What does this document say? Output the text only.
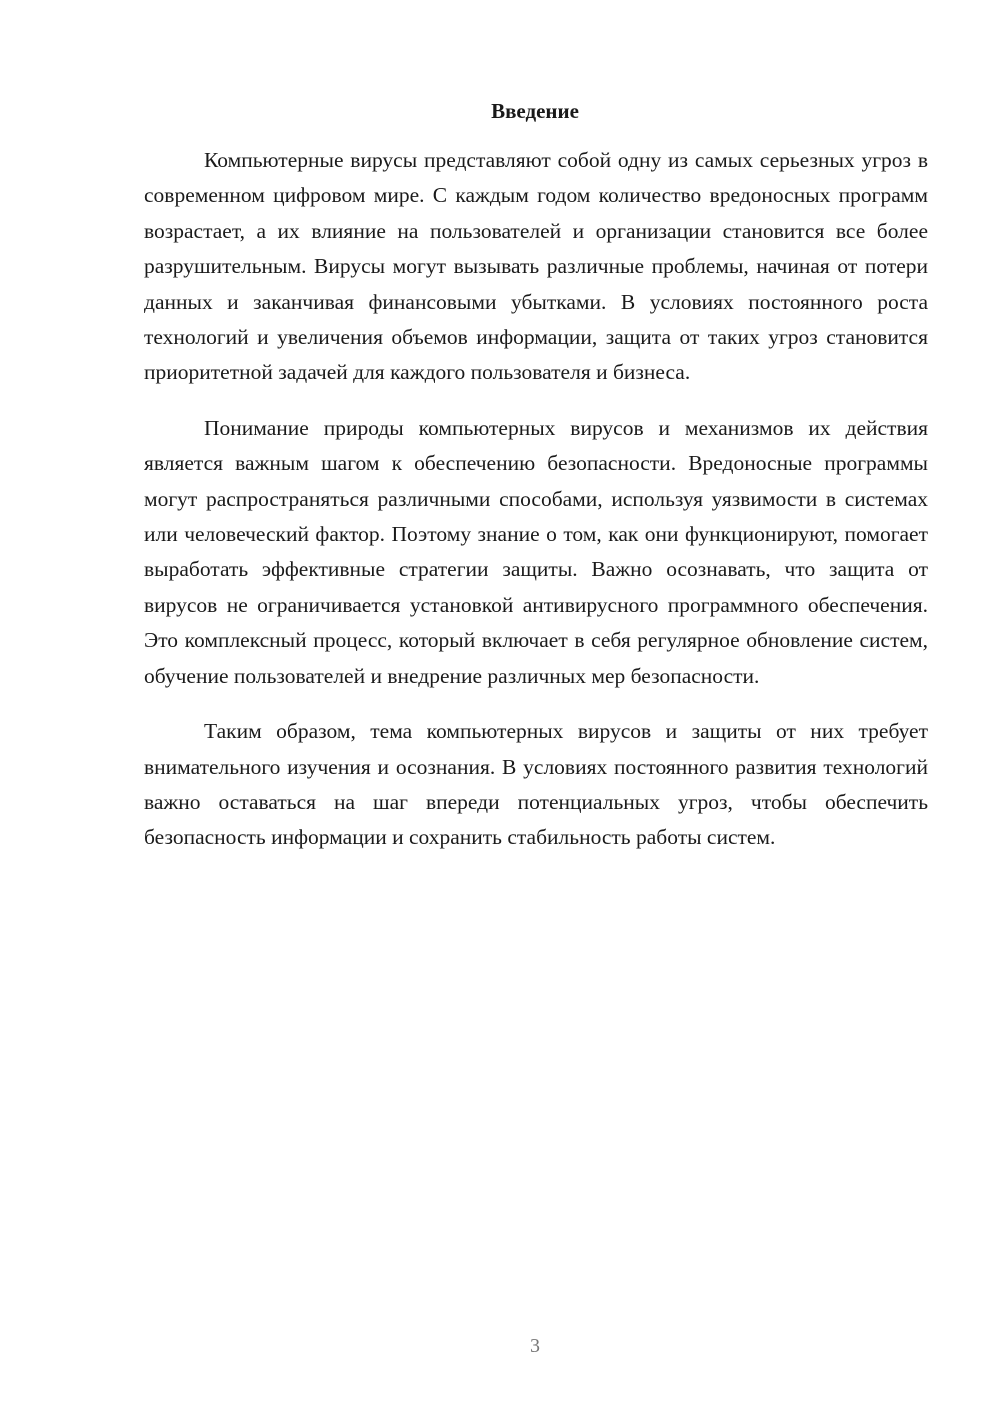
Введение

Компьютерные вирусы представляют собой одну из самых серьезных угроз в современном цифровом мире. С каждым годом количество вредоносных программ возрастает, а их влияние на пользователей и организации становится все более разрушительным. Вирусы могут вызывать различные проблемы, начиная от потери данных и заканчивая финансовыми убытками. В условиях постоянного роста технологий и увеличения объемов информации, защита от таких угроз становится приоритетной задачей для каждого пользователя и бизнеса.

Понимание природы компьютерных вирусов и механизмов их действия является важным шагом к обеспечению безопасности. Вредоносные программы могут распространяться различными способами, используя уязвимости в системах или человеческий фактор. Поэтому знание о том, как они функционируют, помогает выработать эффективные стратегии защиты. Важно осознавать, что защита от вирусов не ограничивается установкой антивирусного программного обеспечения. Это комплексный процесс, который включает в себя регулярное обновление систем, обучение пользователей и внедрение различных мер безопасности.

Таким образом, тема компьютерных вирусов и защиты от них требует внимательного изучения и осознания. В условиях постоянного развития технологий важно оставаться на шаг впереди потенциальных угроз, чтобы обеспечить безопасность информации и сохранить стабильность работы систем.

3
